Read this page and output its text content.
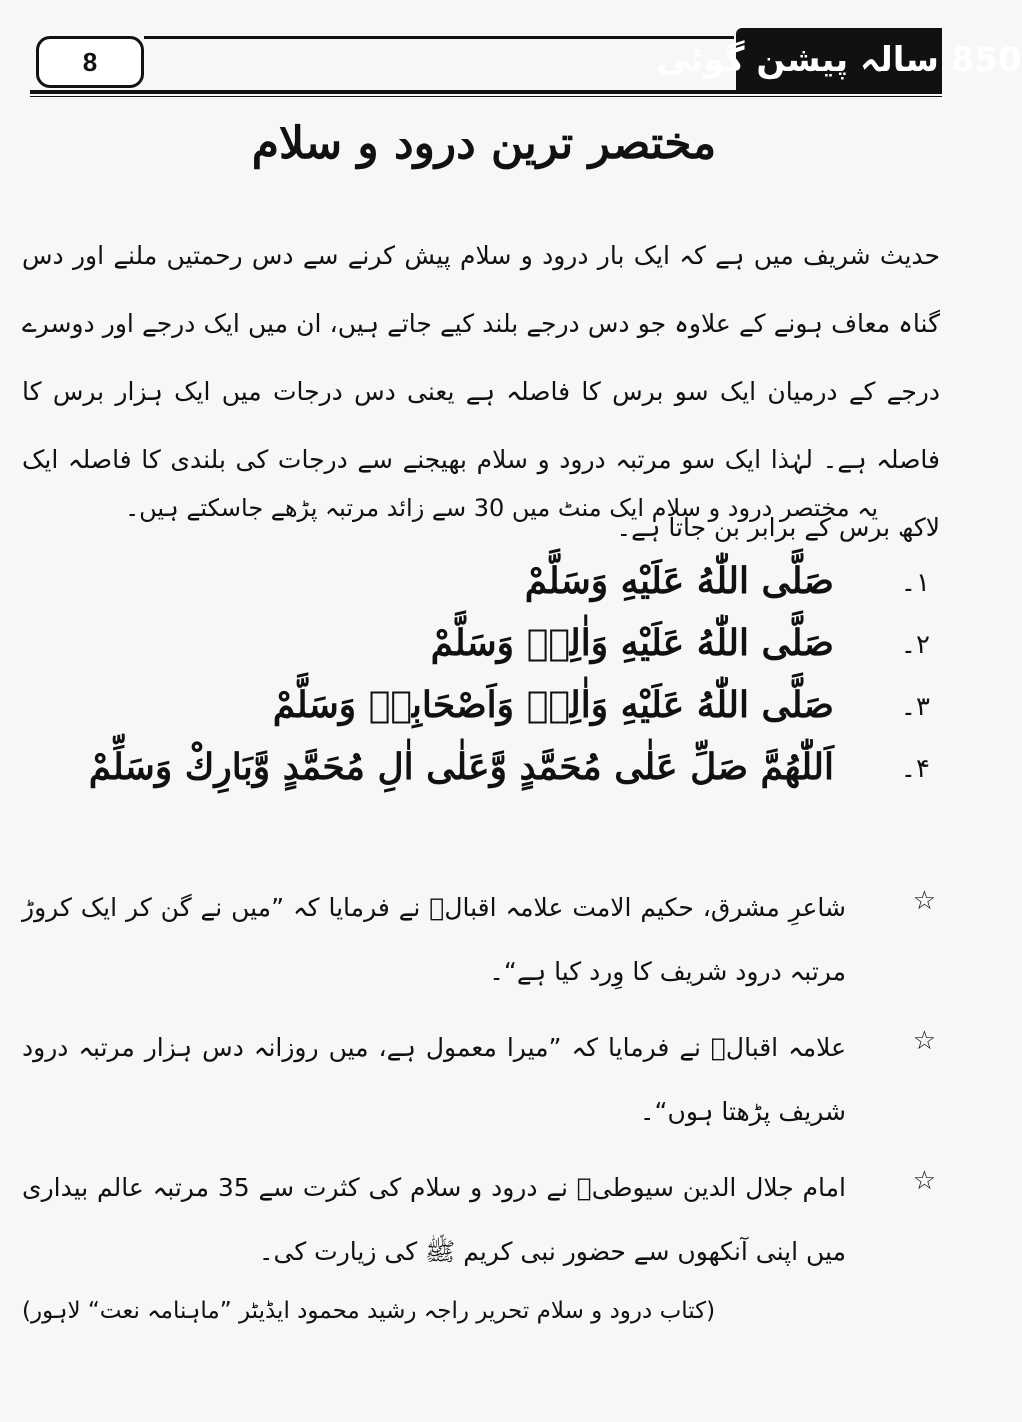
8	850 سالہ پیشن گوئی
مختصر ترین درود و سلام
حدیث شریف میں ہے کہ ایک بار درود و سلام پیش کرنے سے دس رحمتیں ملنے اور دس گناہ معاف ہونے کے علاوہ جو دس درجے بلند کیے جاتے ہیں، ان میں ایک درجے اور دوسرے درجے کے درمیان ایک سو برس کا فاصلہ ہے یعنی دس درجات میں ایک ہزار برس کا فاصلہ ہے۔ لہٰذا ایک سو مرتبہ درود و سلام بھیجنے سے درجات کی بلندی کا فاصلہ ایک لاکھ برس کے برابر بن جاتا ہے۔
یہ مختصر درود و سلام ایک منٹ میں 30 سے زائد مرتبہ پڑھے جاسکتے ہیں۔
۱۔
صَلَّى اللّٰهُ عَلَيْهِ وَسَلَّمْ
۲۔
صَلَّى اللّٰهُ عَلَيْهِ وَاٰلِهٖ وَسَلَّمْ
۳۔
صَلَّى اللّٰهُ عَلَيْهِ وَاٰلِهٖ وَاَصْحَابِهٖ وَسَلَّمْ
۴۔
اَللّٰهُمَّ صَلِّ عَلٰى مُحَمَّدٍ وَّعَلٰى اٰلِ مُحَمَّدٍ وَّبَارِكْ وَسَلِّمْ
☆
شاعرِ مشرق، حکیم الامت علامہ اقبالؒ نے فرمایا کہ ”میں نے گن کر ایک کروڑ مرتبہ درود شریف کا وِرد کیا ہے“۔
☆
علامہ اقبالؒ نے فرمایا کہ ”میرا معمول ہے، میں روزانہ دس ہزار مرتبہ درود شریف پڑھتا ہوں“۔
☆
امام جلال الدین سیوطیؒ نے درود و سلام کی کثرت سے 35 مرتبہ عالم بیداری میں اپنی آنکھوں سے حضور نبی کریم ﷺ کی زیارت کی۔
(کتاب درود و سلام تحریر راجہ رشید محمود ایڈیٹر ”ماہنامہ نعت“ لاہور)
